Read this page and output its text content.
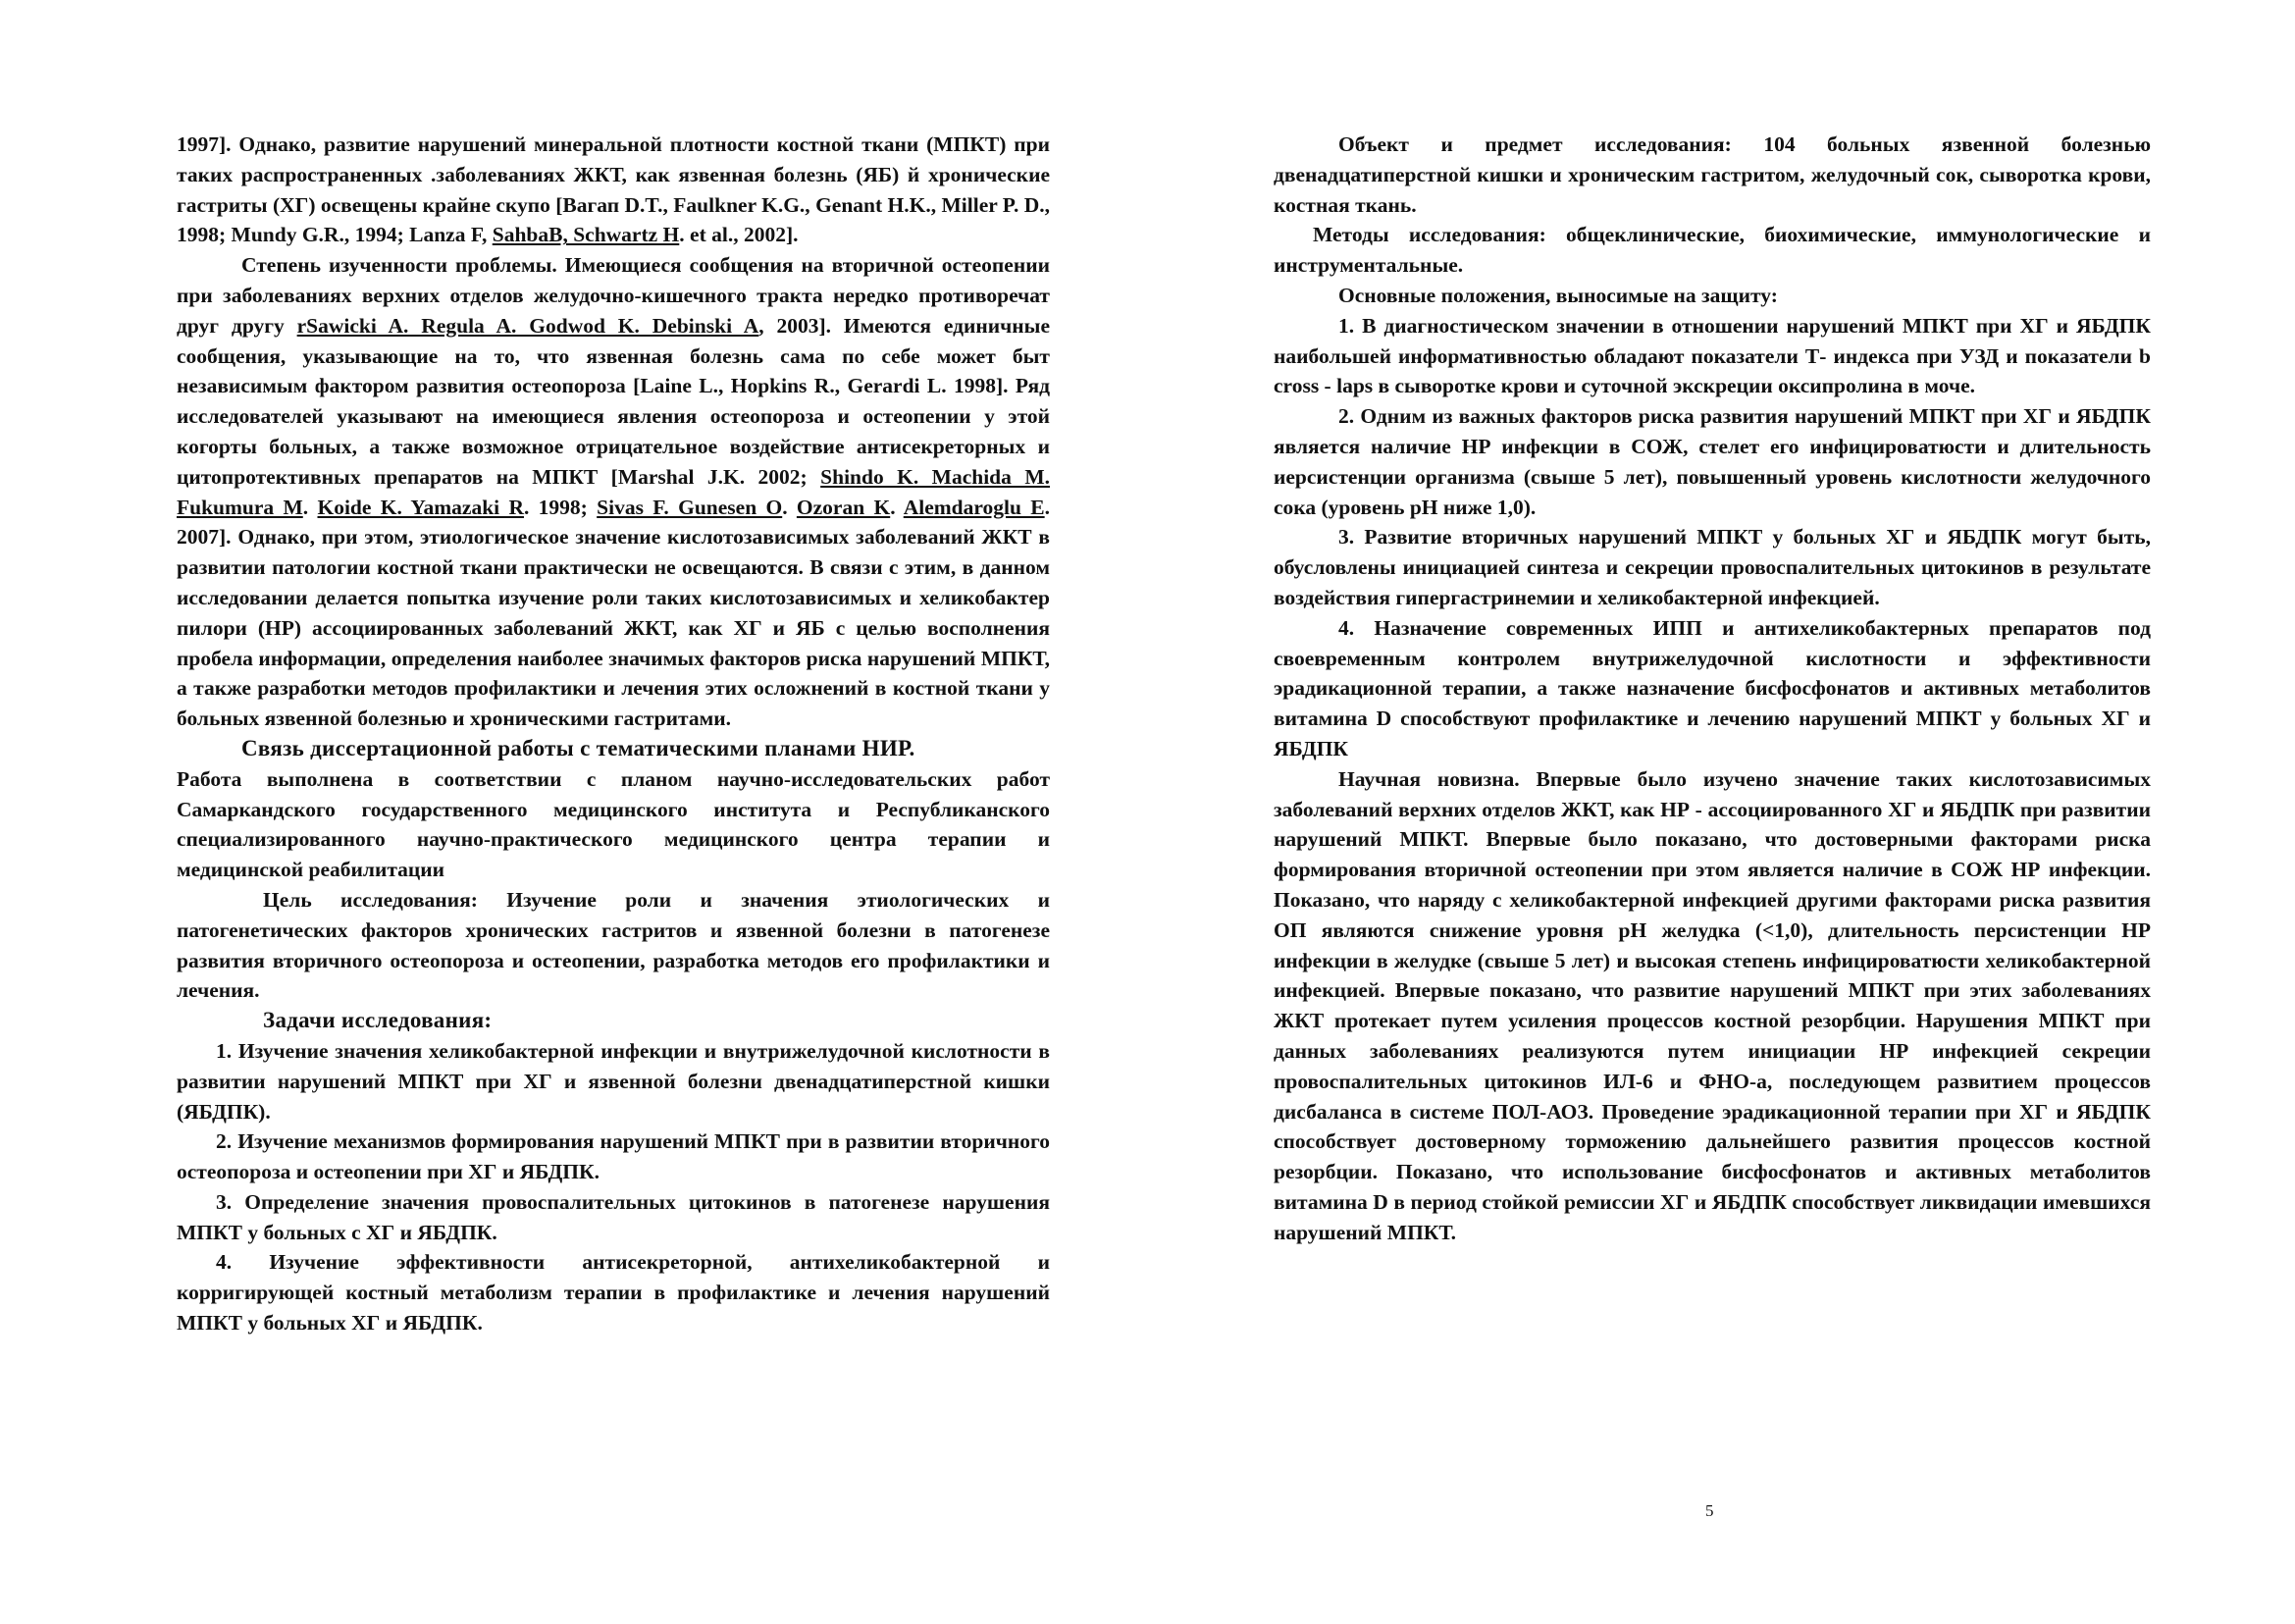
1997]. Однако, развитие нарушений минеральной плотности костной ткани (МПКТ) при таких распространенных .заболеваниях ЖКТ, как язвенная болезнь (ЯБ) й хронические гастриты (ХГ) освещены крайне скупо [Вагап D.T., Faulkner K.G., Genant H.K., Miller P. D., 1998; Mundy G.R., 1994; Lanza F, SahbaB, Schwartz H. et al., 2002].

Степень изученности проблемы. Имеющиеся сообщения на вторичной остеопении при заболеваниях верхних отделов желудочно-кишечного тракта нередко противоречат друг другу rSawicki A. Regula A. Godwod K. Debinski A, 2003]. Имеются единичные сообщения, указывающие на то, что язвенная болезнь сама по себе может быт независимым фактором развития остеопороза [Laine L., Hopkins R., Gerardi L. 1998]. Ряд исследователей указывают на имеющиеся явления остеопороза и остеопении у этой когорты больных, а также возможное отрицательное воздействие антисекреторных и цитопротективных препаратов на МПКТ [Marshal J.K. 2002; Shindo K. Machida M. Fukumura M. Koide K. Yamazaki R. 1998; Sivas F. Gunesen O. Ozoran K. Alemdaroglu E. 2007]. Однако, при этом, этиологическое значение кислотозависимых заболеваний ЖКТ в развитии патологии костной ткани практически не освещаются. В связи с этим, в данном исследовании делается попытка изучение роли таких кислотозависимых и хеликобактер пилори (НР) ассоциированных заболеваний ЖКТ, как ХГ и ЯБ с целью восполнения пробела информации, определения наиболее значимых факторов риска нарушений МПКТ, а также разработки методов профилактики и лечения этих осложнений в костной ткани у больных язвенной болезнью и хроническими гастритами.

Связь диссертационной работы с тематическими планами НИР.

Работа выполнена в соответствии с планом научно-исследовательских работ Самаркандского государственного медицинского института и Республиканского специализированного научно-практического медицинского центра терапии и медицинской реабилитации

Цель исследования: Изучение роли и значения этиологических и патогенетических факторов хронических гастритов и язвенной болезни в патогенезе развития вторичного остеопороза и остеопении, разработка методов его профилактики и лечения.

Задачи исследования:

1. Изучение значения хеликобактерной инфекции и внутрижелудочной кислотности в развитии нарушений МПКТ при ХГ и язвенной болезни двенадцатиперстной кишки (ЯБДПК).

2. Изучение механизмов формирования нарушений МПКТ при в развитии вторичного остеопороза и остеопении при ХГ и ЯБДПК.

3. Определение значения провоспалительных цитокинов в патогенезе нарушения МПКТ у больных с ХГ и ЯБДПК.

4. Изучение эффективности антисекреторной, антихеликобактерной и корригирующей костный метаболизм терапии в профилактике и лечения нарушений МПКТ у больных ХГ и ЯБДПК.

Объект и предмет исследования: 104 больных язвенной болезнью двенадцатиперстной кишки и хроническим гастритом, желудочный сок, сыворотка крови, костная ткань.

Методы исследования: общеклинические, биохимические, иммунологические и инструментальные.

Основные положения, выносимые на защиту:

1. В диагностическом значении в отношении нарушений МПКТ при ХГ и ЯБДПК наибольшей информативностью обладают показатели Т- индекса при УЗД и показатели b cross - laps в сыворотке крови и суточной экскреции оксипролина в моче.

2. Одним из важных факторов риска развития нарушений МПКТ при ХГ и ЯБДПК является наличие НР инфекции в СОЖ, стелет его инфицироватюсти и длительность иерсистенции организма (свыше 5 лет), повышенный уровень кислотности желудочного сока (уровень pH ниже 1,0).

3. Развитие вторичных нарушений МПКТ у больных ХГ и ЯБДПК могут быть, обусловлены инициацией синтеза и секреции провоспалительных цитокинов в результате воздействия гипергастринемии и хеликобактерной инфекцией.

4. Назначение современных ИПП и антихеликобактерных препаратов под своевременным контролем внутрижелудочной кислотности и эффективности эрадикационной терапии, а также назначение бисфосфонатов и активных метаболитов витамина D способствуют профилактике и лечению нарушений МПКТ у больных ХГ и ЯБДПК

Научная новизна. Впервые было изучено значение таких кислотозависимых заболеваний верхних отделов ЖКТ, как НР - ассоциированного ХГ и ЯБДПК при развитии нарушений МПКТ. Впервые было показано, что достоверными факторами риска формирования вторичной остеопении при этом является наличие в СОЖ НР инфекции. Показано, что наряду с хеликобактерной инфекцией другими факторами риска развития ОП являются снижение уровня pH желудка (<1,0), длительность персистенции НР инфекции в желудке (свыше 5 лет) и высокая степень инфицироватюсти хеликобактерной инфекцией. Впервые показано, что развитие нарушений МПКТ при этих заболеваниях ЖКТ протекает путем усиления процессов костной резорбции. Нарушения МПКТ при данных заболеваниях реализуются путем инициации НР инфекцией секреции провоспалительных цитокинов ИЛ-6 и ФНО-а, последующем развитием процессов дисбаланса в системе ПОЛ-АОЗ. Проведение эрадикационной терапии при ХГ и ЯБДПК способствует достоверному торможению дальнейшего развития процессов костной резорбции. Показано, что использование бисфосфонатов и активных метаболитов витамина D в период стойкой ремиссии ХГ и ЯБДПК способствует ликвидации имевшихся нарушений МПКТ.

5
